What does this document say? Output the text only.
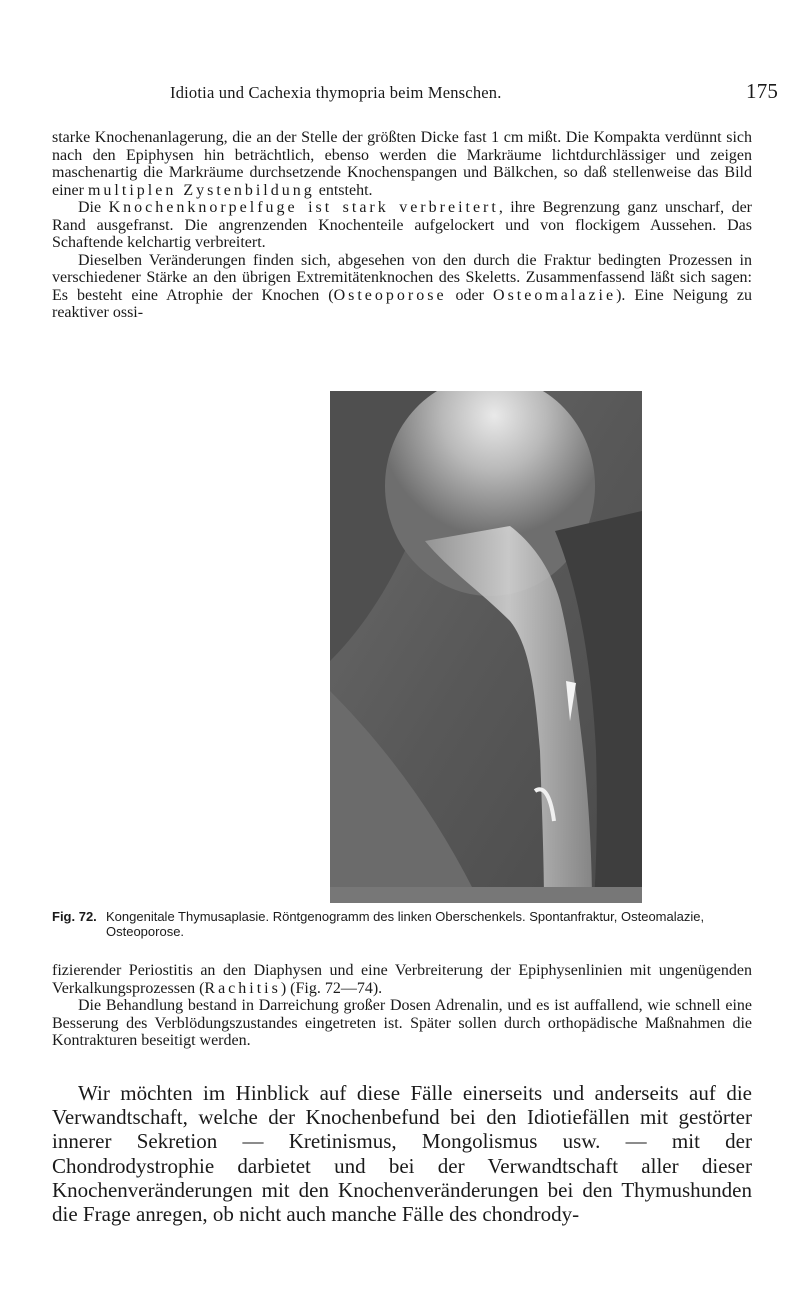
Idiotia und Cachexia thymopria beim Menschen.	175

starke Knochenanlagerung, die an der Stelle der größten Dicke fast 1 cm mißt. Die Kompakta verdünnt sich nach den Epiphysen hin beträchtlich, ebenso werden die Markräume lichtdurchlässiger und zeigen maschenartig die Markräume durchsetzende Knochenspangen und Bälkchen, so daß stellenweise das Bild einer multiplen Zystenbildung entsteht.

Die Knochenknorpelfuge ist stark verbreitert, ihre Begrenzung ganz unscharf, der Rand ausgefranst. Die angrenzenden Knochenteile aufgelockert und von flockigem Aussehen. Das Schaftende kelchartig verbreitert.

Dieselben Veränderungen finden sich, abgesehen von den durch die Fraktur bedingten Prozessen in verschiedener Stärke an den übrigen Extremitätenknochen des Skeletts. Zusammenfassend läßt sich sagen: Es besteht eine Atrophie der Knochen (Osteoporose oder Osteomalazie). Eine Neigung zu reaktiver ossi-

Fig. 72. Kongenitale Thymusaplasie. Röntgenogramm des linken Oberschenkels. Spontanfraktur, Osteomalazie, Osteoporose.

fizierender Periostitis an den Diaphysen und eine Verbreiterung der Epiphysenlinien mit ungenügenden Verkalkungsprozessen (Rachitis) (Fig. 72—74).

Die Behandlung bestand in Darreichung großer Dosen Adrenalin, und es ist auffallend, wie schnell eine Besserung des Verblödungszustandes eingetreten ist. Später sollen durch orthopädische Maßnahmen die Kontrakturen beseitigt werden.

Wir möchten im Hinblick auf diese Fälle einerseits und anderseits auf die Verwandtschaft, welche der Knochenbefund bei den Idiotiefällen mit gestörter innerer Sekretion — Kretinismus, Mongolismus usw. — mit der Chondrodystrophie darbietet und bei der Verwandtschaft aller dieser Knochenveränderungen mit den Knochenveränderungen bei den Thymushunden die Frage anregen, ob nicht auch manche Fälle des chondrody-
